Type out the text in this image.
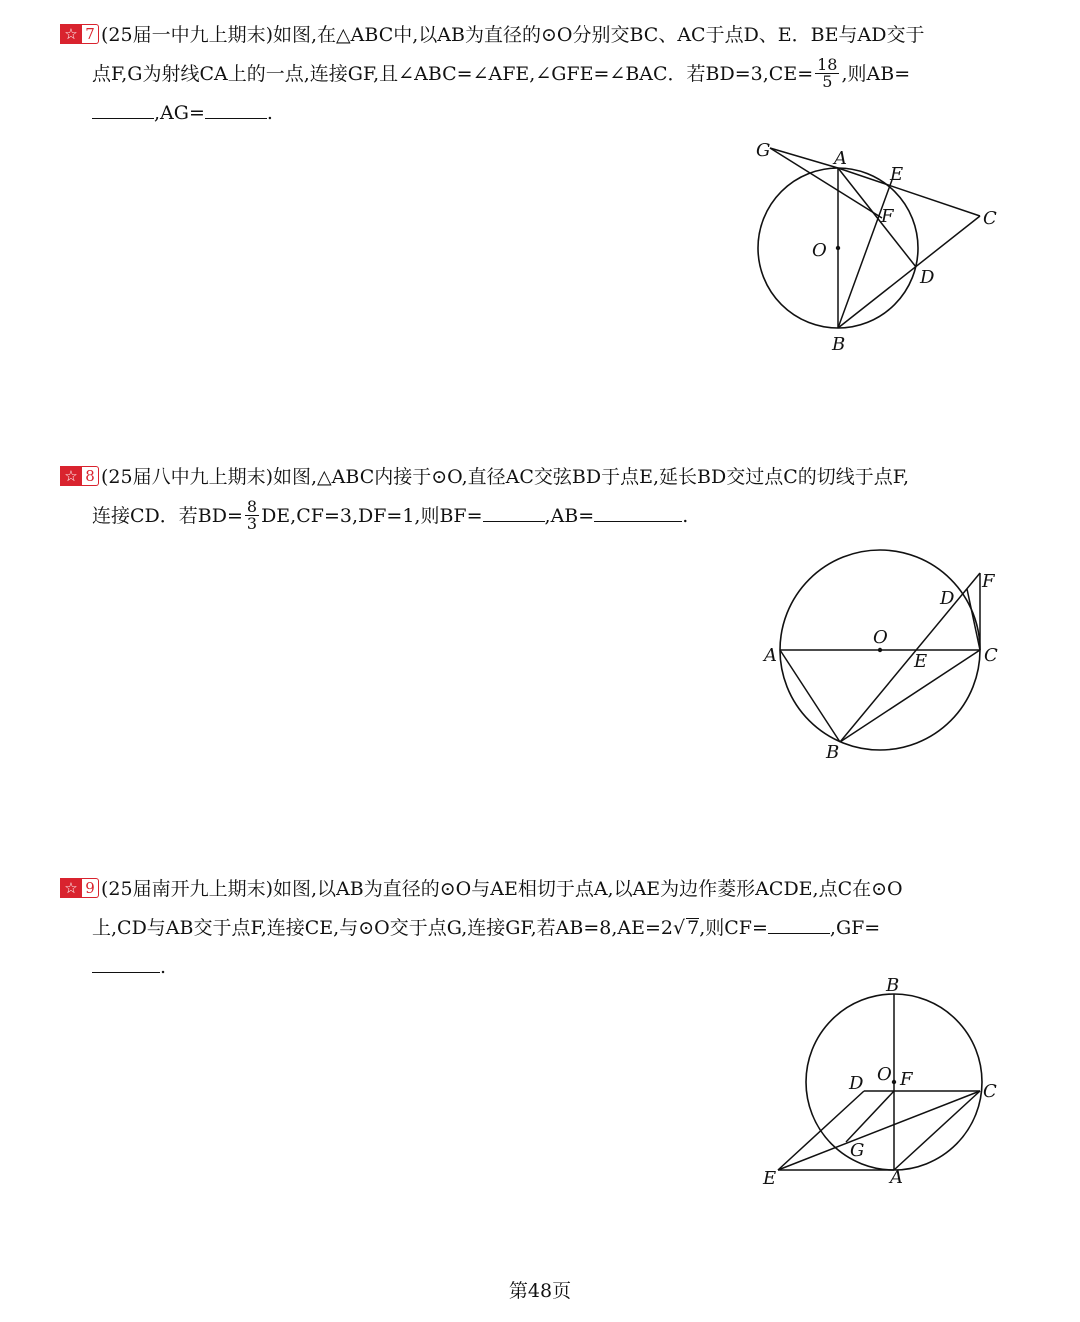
☆ 7 (25届一中九上期末)如图,在△ABC中,以AB为直径的⊙O分别交BC、AC于点D、E．BE与AD交于
点F,G为射线CA上的一点,连接GF,且∠ABC=∠AFE,∠GFE=∠BAC．若$BD=3,CE= \frac{18}{5}$ ,则AB=
,AG=	.
G	A
E
F	C
O
D
B
☆ 8 (25届八中九上期末)如图,△ABC内接于⊙O,直径AC交弦BD于点E,延长BD交过点C的切线于点F,
连接CD．若$BD= \frac{8}{3} DE,CF=3,DF=1$,则BF=	,AB=	.
F
D
O
A	E	C
B
☆ 9 (25届南开九上期末)如图,以AB为直径的⊙O与AE相切于点A,以AE为边作菱形ACDE,点C在⊙O
上,CD与AB交于点F,连接CE,与⊙O交于点G,连接GF,若AB=8,AE=2√ 7,则CF=	,GF=
.
B
O F
D	C
G
E	A
第48页
